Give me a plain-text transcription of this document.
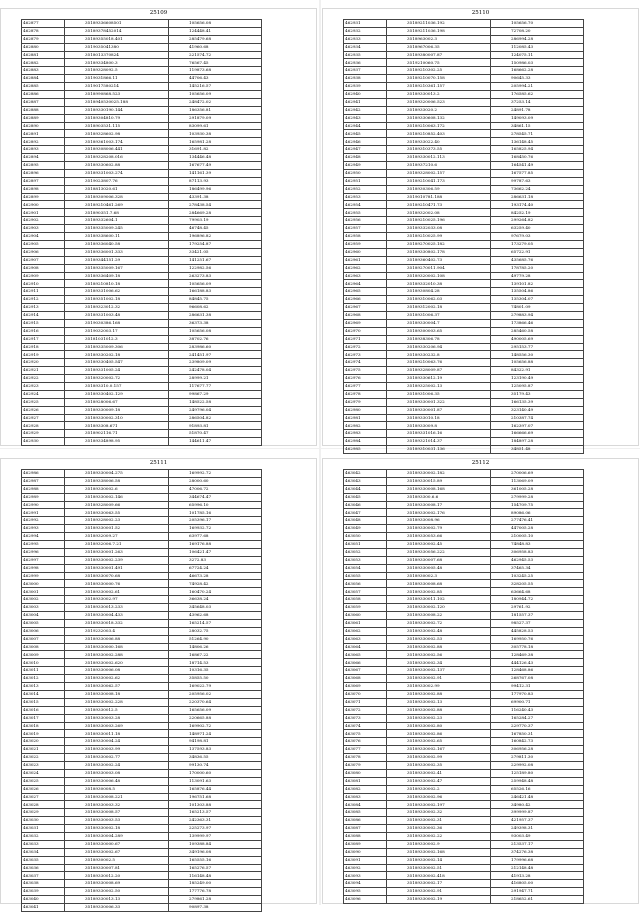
25109
462877	35189336608501	105656.08
462878	35189378452014	124448.41
462879	35189355018.401	285479.68
462880	3519035041380	41960.68
462881	3518013370824	221574.72
462882	35189334800.3	76567.45
462883	35189328092.5	119873.68
462884	3519031866.11	44706.43
462885	3519017580214	145216.57
462886	3518990868.523	105656.09
462887	3518940530025.188	248472.02
462888	35189330190.144	186356.81
462889	35189304810.79	291879.09
462890	3518903531.115	83099.61
462891	35189328602.98	103930.38
462892	35189361003.174	165981.28
462893	35189308006.441	31691.82
462894	35189328208.016	134446.48
462895	35189330602.88	167677.49
462896	35189331003.274	141161.39
462897	3519023807.76	87113.93
462898	3518813020.61	186499.96
462899	35189309006.328	43391.38
462900	35189210461.269	278438.54
462901	351890351.7.68	284669.28
462902	35189332604.1	79903.19
462903	35189335009.245	46748.45
462904	35189338600.11	196896.82
462905	35189336040.58	179254.87
462906	35189336001.333	33421.05
462907	35189344151.29	141251.67
462908	35189335009.167	122982.56
462909	35189336409.18	263273.83
462910	35189210810.18	105656.09
462911	35189331006.62	166188.83
462912	35189351002.18	84845.75
462913	35189323012.32	96608.62
462914	35189331003.48	286631.38
462915	3519030386.168	36373.38
462916	3519032003.17	105656.08
462917	35181031012.3	38702.76
462918	35189335009.306	283986.60
462919	35189330202.18	241451.97
462920	35189330405.547	239809.09
462921	35189331005.24	242478.04
462922	35189320002.72	28999.21
462923	351893310.0.157	117677.77
462924	35189330402.129	99867.29
462925	3518928006.67	148522.58
462926	35189330009.18	249796.04
462927	35189330002.310	286504.82
462928	351893308.671	91893.81
462929	3518902116.71	51870.47
462930	35189334898.95	144611.47
25110
462931	35189211036.192	105656.70
462932	35189211036.198	72708.20
462933	3518963002.3	286994.28
462934	3518967006.35	112085.43
462935	35189380007.87	124075.11
462936	3519210060.75	150986.03
462937	35189210302.25	168662.28
462938	35189210070.158	90645.33
462939	35189210361.157	205994.21
462940	35189330013.2	176585.62
462941	35189320006.523	37253.14
462942	3518933020.2	24891.78
462943	35189330608.132	149093.09
462944	35189210063.172	34861.15
462945	35189210852.403	278545.71
462946	3518933022.40	136148.45
462947	35189310373.55	165825.94
462948	35189330012.113	168450.76
462949	3518937210.6	164541.49
462950	35189328002.157	167577.85
462951	35189210041.173	99787.63
462952	3518930306.59	73662.24
462953	3519010781.188	286631.18
462954	35189210471.73	193174.40
462955	3518932002.08	84252.19
462956	35189210025.196	299264.82
462957	35189332033.08	63259.40
462958	35189210025.99	97679.03
462959	35189270025.182	173279.05
462960	35189330802.178	65722.91
462961	35189360402.73	435685.76
462962	35189270011.904	178785.20
462963	35189320002.108	49779.28
462964	35189332010.38	139101.82
462965	3518930804.28	135504.86
462966	35189310062.03	135304.07
462967	35189312002.18	74801.09
462968	3518931006.37	279883.94
462969	35189330004.7	173866.46
462970	35189300003.65	285460.58
462971	3518938306.78	490005.69
462972	35189330206.94	295153.77
462973	35189330232.8	148556.30
462974	35189210063.76	105656.88
462975	35189328009.87	84322.91
462976	35189330612.19	123190.49
462977	35189325002.13	125095.87
462978	3518931006.35	35179.43
462979	35189330001.322	166135.39
462980	35189330001.87	323140.49
462981	3518933010.18	210387.74
462982	3518933009.8	162397.07
462983	35189331016.16	166666.69
462984	35189321014.37	184897.28
462985	35189310031.136	34851.48
25111
462986	35189330004.275	169992.72
462987	35189338006.58	28000.60
462988	35189330002.6	47006.72
462989	35189330002.146	344674.47
462990	35189328009.66	65996.10
462991	35189330063.55	101785.16
462992	35189328002.23	205396.17
462993	35189330001.52	169932.72
462994	3518932009.27	63977.68
462995	3518932006.7.21	169176.88
462996	35189330001.263	106421.47
462997	35189330002.239	3272.83
462998	35189330001.491	67724.24
462999	35189330070.68	46673.28
463000	35189330000.76	74928.42
463001	35189330002.61	160470.24
463002	3518933002.97	36638.24
463003	35189330013.233	345648.03
463004	35189330004.433	43962.68
463005	35189330018.332	165214.57
463006	3519232003.4	28032.75
463007	35189330006.88	51264.90
463008	35189330000.168	14806.26
463009	35189330002.288	16867.22
463010	35189330002.620	18714.53
463011	35189330006.08	10316.35
463012	35189330002.62	35855.50
463013	35189330062.57	169022.79
463014	35189330008.18	205956.02
463015	35189330002.228	220370.64
463016	35189330012.5	165656.09
463017	35189330003.28	220665.88
463018	35189330003.269	169902.72
463019	35189330011.18	148971.24
463020	35189330004.24	94198.81
463021	35189330003.99	137593.83
463022	35189330002.77	34836.55
463023	35189330002.24	99130.74
463024	35189330003.08	170000.60
463025	35189330006.48	113091.63
463026	3518930008.5	165876.44
463027	35189330008.221	196751.68
463028	35189330003.32	101303.88
463029	35189330008.57	165213.57
463030	35189330003.53	242363.31
463031	35189330002.18	225273.97
463032	35189330004.289	139999.97
463033	35189330000.67	109388.84
463034	35189330002.67	349196.08
463035	3518930002.5	165555.16
463036	35189330007.81	165276.57
463037	35189330012.20	116148.48
463038	35189330008.69	185249.00
463039	35189330002.50	177776.78
463040	35189330013.13	279861.28
463041	35189330006.33	90897.38
25112
463042	35189330002.182	270006.69
463043	35189330015.89	113069.09
463044	35189330008.168	361005.28
463045	351893300.6.6	279999.28
463046	35189330008.17	154709.75
463047	35189330002.176	89086.06
463048	3518933008.96	277476.41
463049	35189330002.79	447005.28
463050	35189330053.66	210005.10
463051	35189330002.45	74848.83
463052	35189330056.222	306958.83
463053	35189330007.68	462945.53
463054	35189330005.48	37465.34
463055	3518930002.3	103245.25
463056	35189330008.68	328205.55
463057	35189330002.85	63664.68
463058	35189330011.102	180944.72
463059	35189330002.120	29761.92
463060	35189330008.22	181557.37
463061	35189330002.72	98527.37
463062	35189330002.48	445828.53
463063	35189330002.53	169950.76
463064	35189330002.88	305778.18
463065	35189330002.56	128469.38
463066	35189330002.34	444126.43
463067	35189330002.137	128468.86
463068	35189330002.91	268767.08
463069	3518933002.99	99412.31
463070	35189330002.88	177970.83
463071	35189330002.13	69900.71
463072	35189330002.88	116240.43
463073	35189330002.23	165284.27
463074	35189330002.80	229770.37
463075	35189330002.86	167850.31
463076	35189330002.65	160842.73
463077	35189330002.167	306956.28
463078	35189330002.99	279811.30
463079	35189330002.35	229992.08
463080	35189330002.41	125189.80
463081	35189330002.47	259948.48
463082	35189330002.2	65526.16
463083	35189330002.96	246421.48
463084	35189330002.197	34980.42
463085	35189330002.32	399999.87
463086	35189330002.31	421957.37
463087	35189330002.36	249398.31
463088	35189330002.22	93003.49
463089	35189330002.9	213537.17
463090	35189330002.168	374276.38
463091	35189330002.14	179996.68
463092	35189330002.51	212148.48
463093	35189330002.418	41913.28
463094	35189330002.17	416805.00
463095	35189330002.91	291947.71
463096	35189330002.19	218652.61
